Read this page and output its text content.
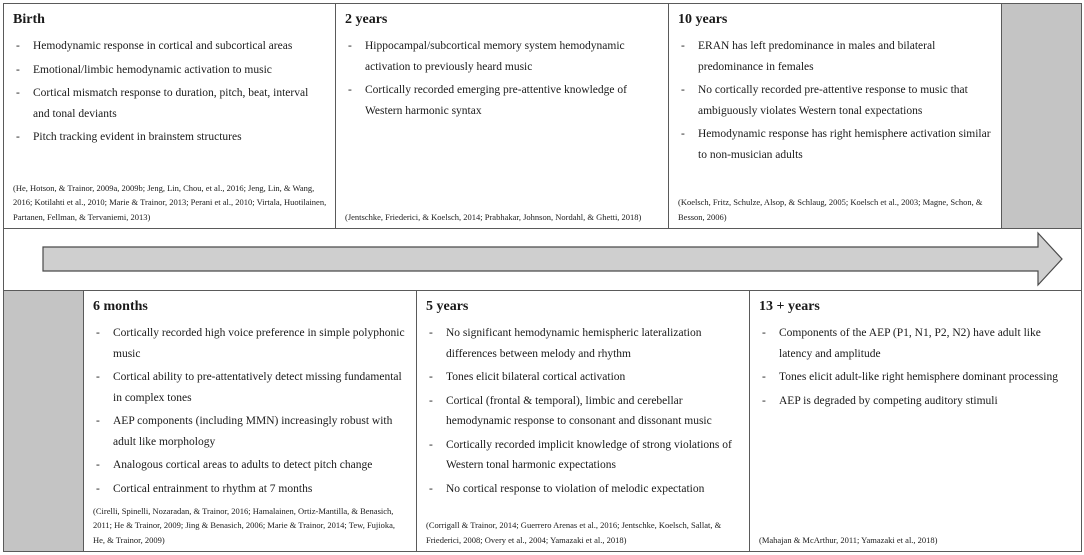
Birth
- Hemodynamic response in cortical and subcortical areas
- Emotional/limbic hemodynamic activation to music
- Cortical mismatch response to duration, pitch, beat, interval and tonal deviants
- Pitch tracking evident in brainstem structures
(He, Hotson, & Trainor, 2009a, 2009b; Jeng, Lin, Chou, et al., 2016; Jeng, Lin, & Wang, 2016; Kotilahti et al., 2010; Marie & Trainor, 2013; Perani et al., 2010; Virtala, Huotilainen, Partanen, Fellman, & Tervaniemi, 2013)
2 years
- Hippocampal/subcortical memory system hemodynamic activation to previously heard music
- Cortically recorded emerging pre-attentive knowledge of Western harmonic syntax
(Jentschke, Friederici, & Koelsch, 2014; Prabhakar, Johnson, Nordahl, & Ghetti, 2018)
10 years
- ERAN has left predominance in males and bilateral predominance in females
- No cortically recorded pre-attentive response to music that ambiguously violates Western tonal expectations
- Hemodynamic response has right hemisphere activation similar to non-musician adults
(Koelsch, Fritz, Schulze, Alsop, & Schlaug, 2005; Koelsch et al., 2003; Magne, Schon, & Besson, 2006)
6 months
- Cortically recorded high voice preference in simple polyphonic music
- Cortical ability to pre-attentatively detect missing fundamental in complex tones
- AEP components (including MMN) increasingly robust with adult like morphology
- Analogous cortical areas to adults to detect pitch change
- Cortical entrainment to rhythm at 7 months
(Cirelli, Spinelli, Nozaradan, & Trainor, 2016; Hamalainen, Ortiz-Mantilla, & Benasich, 2011; He & Trainor, 2009; Jing & Benasich, 2006; Marie & Trainor, 2014; Tew, Fujioka, He, & Trainor, 2009)
5 years
- No significant hemodynamic hemispheric lateralization differences between melody and rhythm
- Tones elicit bilateral cortical activation
- Cortical (frontal & temporal), limbic and cerebellar hemodynamic response to consonant and dissonant music
- Cortically recorded implicit knowledge of strong violations of Western tonal harmonic expectations
- No cortical response to violation of melodic expectation
(Corrigall & Trainor, 2014; Guerrero Arenas et al., 2016; Jentschke, Koelsch, Sallat, & Friederici, 2008; Overy et al., 2004; Yamazaki et al., 2018)
13 + years
- Components of the AEP (P1, N1, P2, N2) have adult like latency and amplitude
- Tones elicit adult-like right hemisphere dominant processing
- AEP is degraded by competing auditory stimuli
(Mahajan & McArthur, 2011; Yamazaki et al., 2018)
